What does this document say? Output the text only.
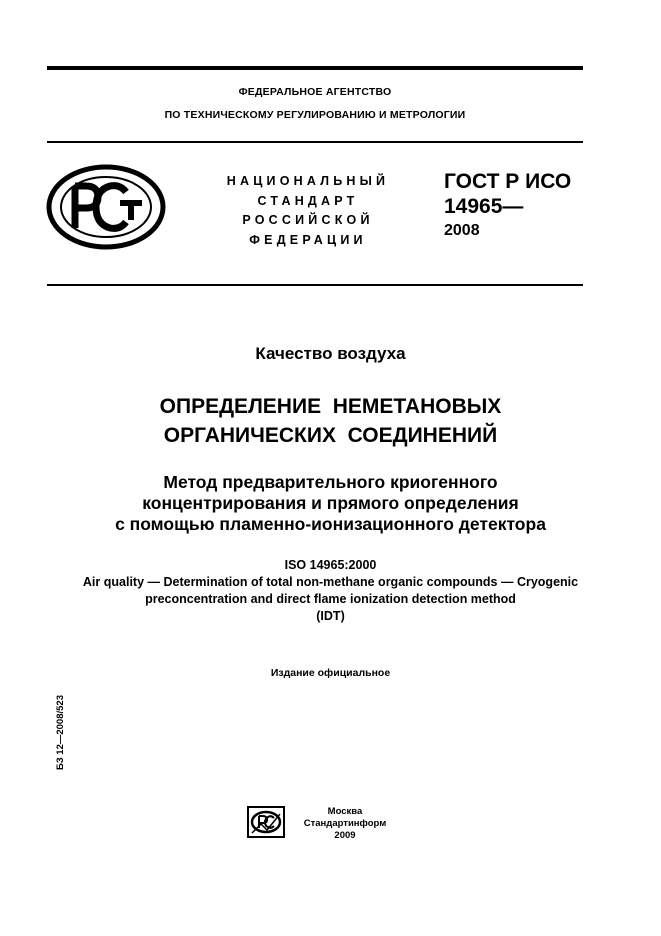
ФЕДЕРАЛЬНОЕ АГЕНТСТВО
ПО ТЕХНИЧЕСКОМУ РЕГУЛИРОВАНИЮ И МЕТРОЛОГИИ
НАЦИОНАЛЬНЫЙ
СТАНДАРТ
РОССИЙСКОЙ
ФЕДЕРАЦИИ
ГОСТ Р ИСО
14965—
2008
Качество воздуха
ОПРЕДЕЛЕНИЕ  НЕМЕТАНОВЫХ
ОРГАНИЧЕСКИХ  СОЕДИНЕНИЙ
Метод предварительного криогенного
концентрирования и прямого определения
с помощью пламенно-ионизационного детектора
ISO 14965:2000
Air quality — Determination of total non-methane organic compounds — Cryogenic
preconcentration and direct flame ionization detection method
(IDT)
Издание официальное
БЗ 12—2008/523
Москва
Стандартинформ
2009
